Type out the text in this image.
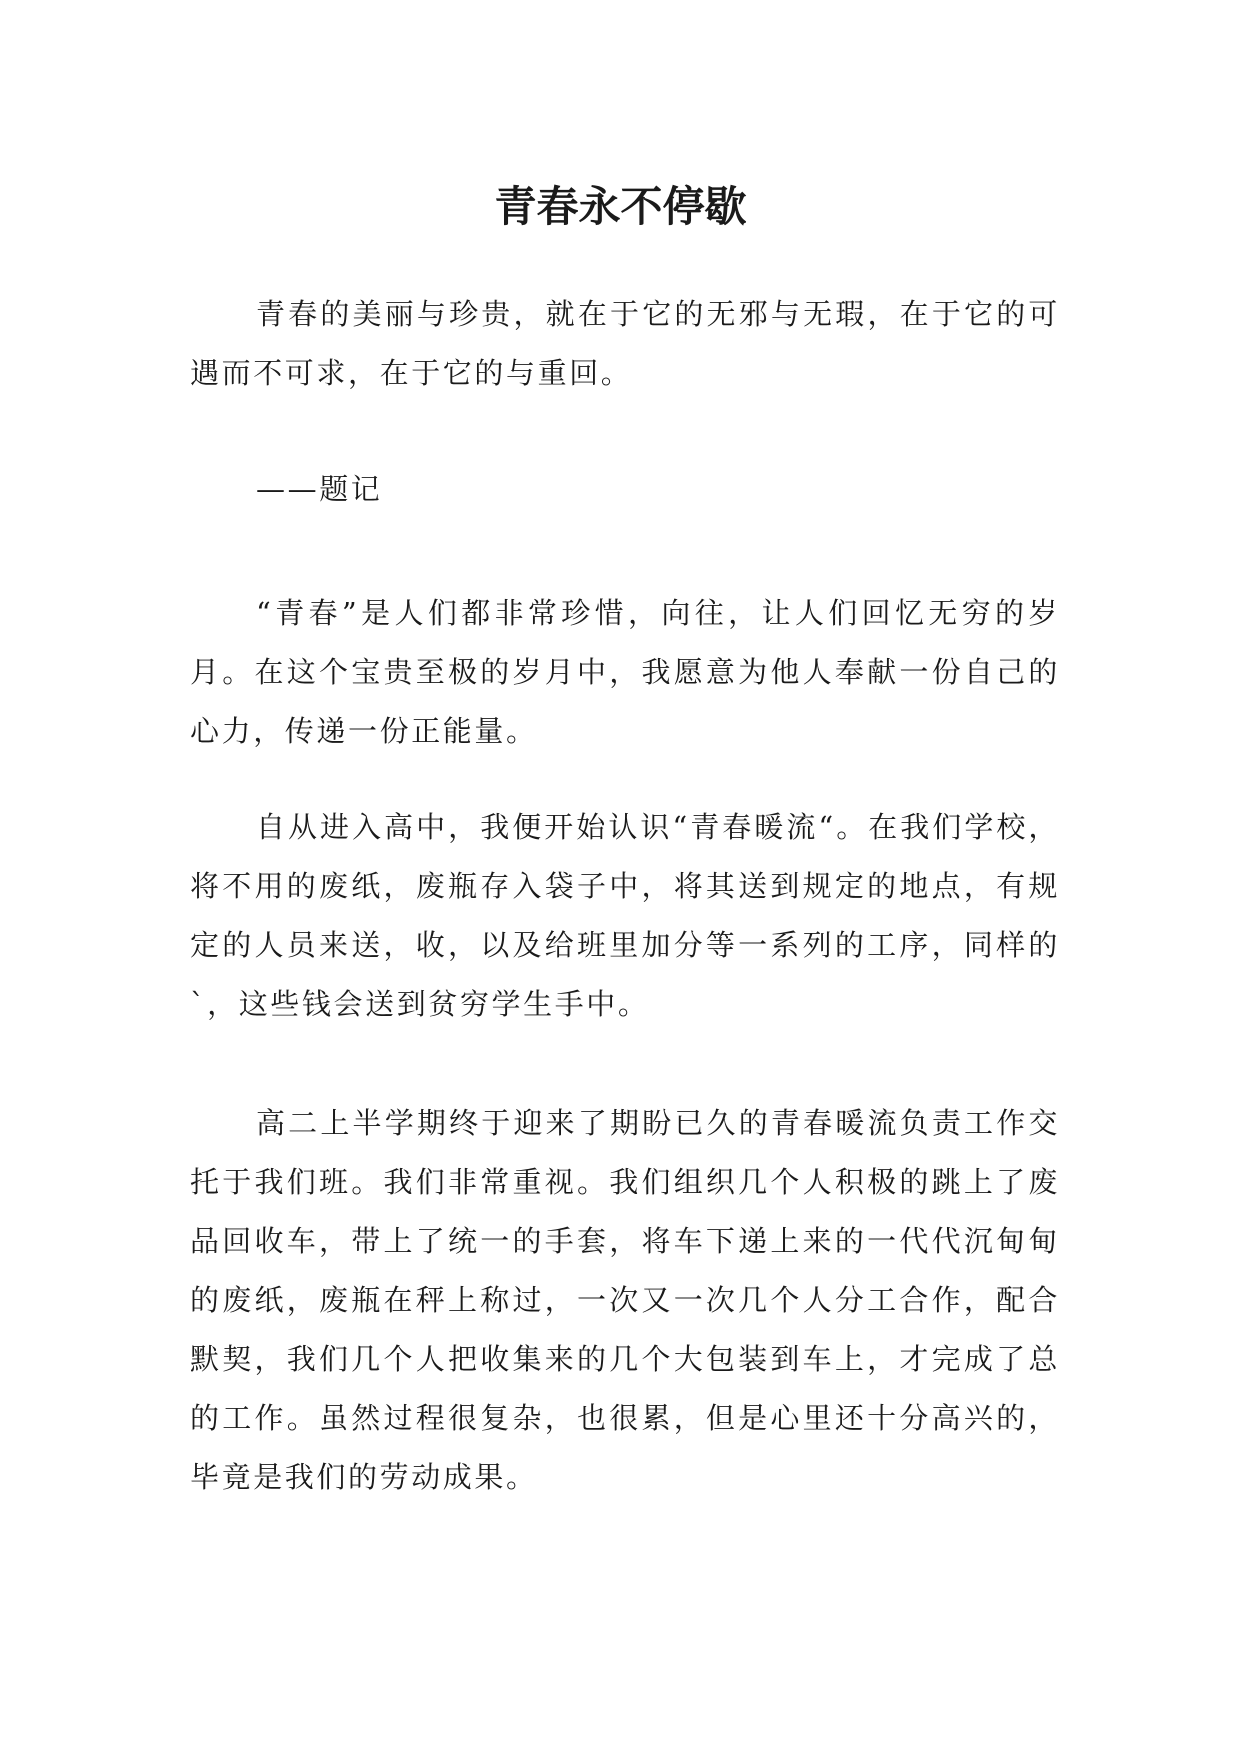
青春永不停歇

青春的美丽与珍贵，就在于它的无邪与无瑕，在于它的可遇而不可求，在于它的与重回。

——题记

“青春”是人们都非常珍惜，向往，让人们回忆无穷的岁月。在这个宝贵至极的岁月中，我愿意为他人奉献一份自己的心力，传递一份正能量。

自从进入高中，我便开始认识“青春暖流“。在我们学校，将不用的废纸，废瓶存入袋子中，将其送到规定的地点，有规定的人员来送，收，以及给班里加分等一系列的工序，同样的`，这些钱会送到贫穷学生手中。

高二上半学期终于迎来了期盼已久的青春暖流负责工作交托于我们班。我们非常重视。我们组织几个人积极的跳上了废品回收车，带上了统一的手套，将车下递上来的一代代沉甸甸的废纸，废瓶在秤上称过，一次又一次几个人分工合作，配合默契，我们几个人把收集来的几个大包装到车上，才完成了总的工作。虽然过程很复杂，也很累，但是心里还十分高兴的，毕竟是我们的劳动成果。
